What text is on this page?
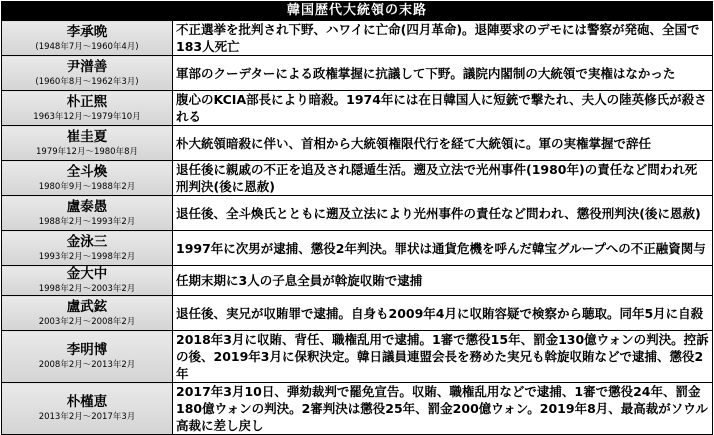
韓国歴代大統領の末路
李承晩
(1948年7月〜1960年4月)	不正選挙を批判され下野、ハワイに亡命(四月革命)。退陣要求のデモには警察が発砲、全国で183人死亡

尹潽善
(1960年8月〜1962年3月)	軍部のクーデターによる政権掌握に抗議して下野。議院内閣制の大統領で実権はなかった

朴正煕
1963年12月〜1979年10月	腹心のKCIA部長により暗殺。1974年には在日韓国人に短銃で撃たれ、夫人の陸英修氏が殺される

崔圭夏
1979年12月〜1980年8月	朴大統領暗殺に伴い、首相から大統領権限代行を経て大統領に。軍の実権掌握で辞任

全斗煥
1980年9月〜1988年2月	退任後に親戚の不正を追及され隠遁生活。遡及立法で光州事件(1980年)の責任など問われ死刑判決(後に恩赦)

盧泰愚
1988年2月〜1993年2月	退任後、全斗煥氏とともに遡及立法により光州事件の責任など問われ、懲役刑判決(後に恩赦)

金泳三
1993年2月〜1998年2月	1997年に次男が逮捕、懲役2年判決。罪状は通貨危機を呼んだ韓宝グループへの不正融資関与

金大中
1998年2月〜2003年2月	任期末期に3人の子息全員が斡旋収賄で逮捕

盧武鉉
2003年2月〜2008年2月	退任後、実兄が収賄罪で逮捕。自身も2009年4月に収賄容疑で検察から聴取。同年5月に自殺

李明博
2008年2月〜2013年2月	2018年3月に収賄、背任、職権乱用で逮捕。1審で懲役15年、罰金130億ウォンの判決。控訴の後、2019年3月に保釈決定。韓日議員連盟会長を務めた実兄も斡旋収賄などで逮捕、懲役2年

朴槿恵
2013年2月〜2017年3月	2017年3月10日、弾劾裁判で罷免宣告。収賄、職権乱用などで逮捕、1審で懲役24年、罰金180億ウォンの判決。2審判決は懲役25年、罰金200億ウォン。2019年8月、最高裁がソウル高裁に差し戻し
